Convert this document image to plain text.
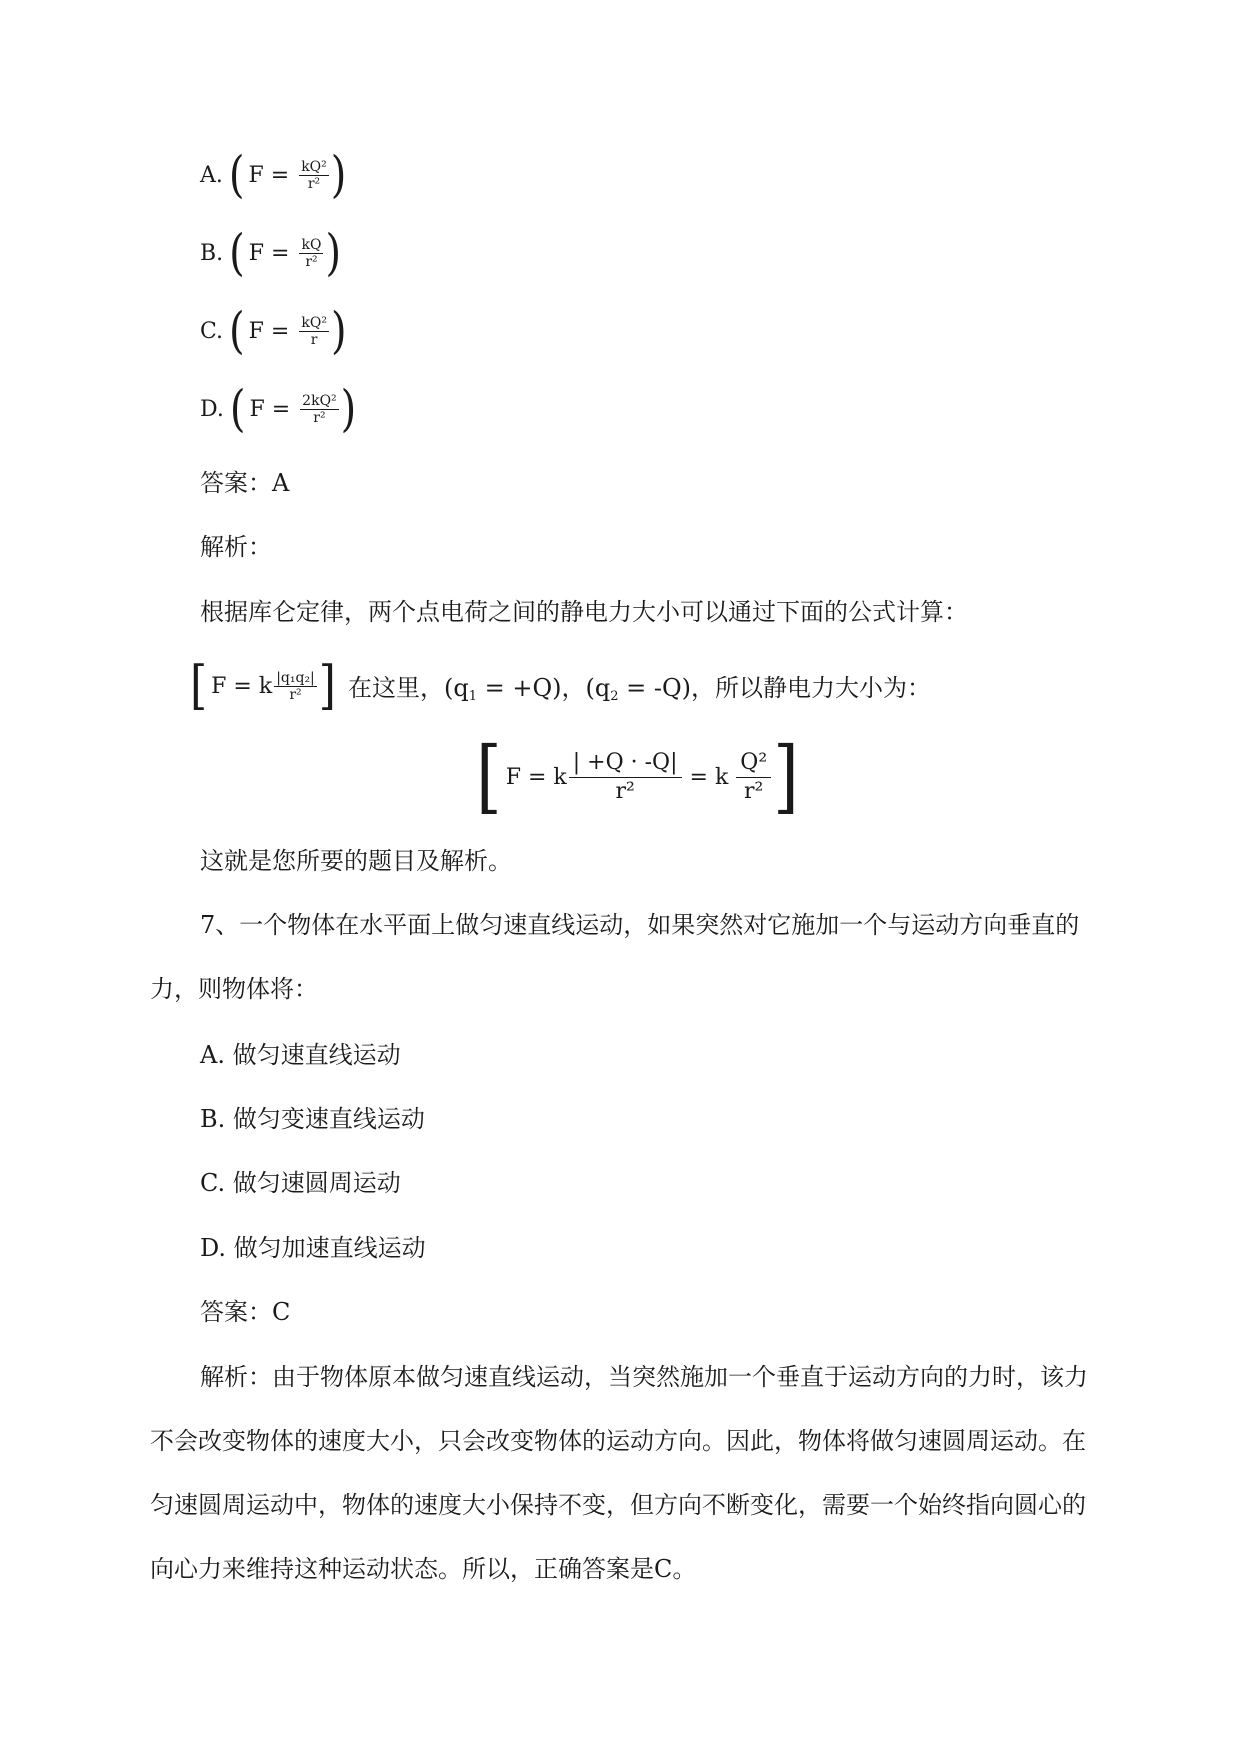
A. ( $F = \frac{\text{kQ²}}{\text{r²}}$ )
B. ( $F = \frac{kQ}{\text{r²}}$ )
C. ( $F = \frac{\text{kQ²}}{r}$ )
D. ( $F = \frac{\text{2kQ²}}{\text{r²}}$ )
答案：A
解析：
根据库仑定律，两个点电荷之间的静电力大小可以通过下面的公式计算：
[ F = k $\frac{\text{|q₁q₂|}}{\text{r²}}$ ] 在这里，$(q_1 = +Q)$，$(q_2 = -Q)$，所以静电力大小为：
[ F = k $\frac{| +Q \cdot -Q|}{\text{r²}} = k \frac{\text{Q²}}{\text{r²}}$ ]
这就是您所要的题目及解析。
7、一个物体在水平面上做匀速直线运动，如果突然对它施加一个与运动方向垂直的力，则物体将：
A. 做匀速直线运动
B. 做匀变速直线运动
C. 做匀速圆周运动
D. 做匀加速直线运动
答案：C
解析：由于物体原本做匀速直线运动，当突然施加一个垂直于运动方向的力时，该力不会改变物体的速度大小，只会改变物体的运动方向。因此，物体将做匀速圆周运动。在匀速圆周运动中，物体的速度大小保持不变，但方向不断变化，需要一个始终指向圆心的向心力来维持这种运动状态。所以，正确答案是C。
